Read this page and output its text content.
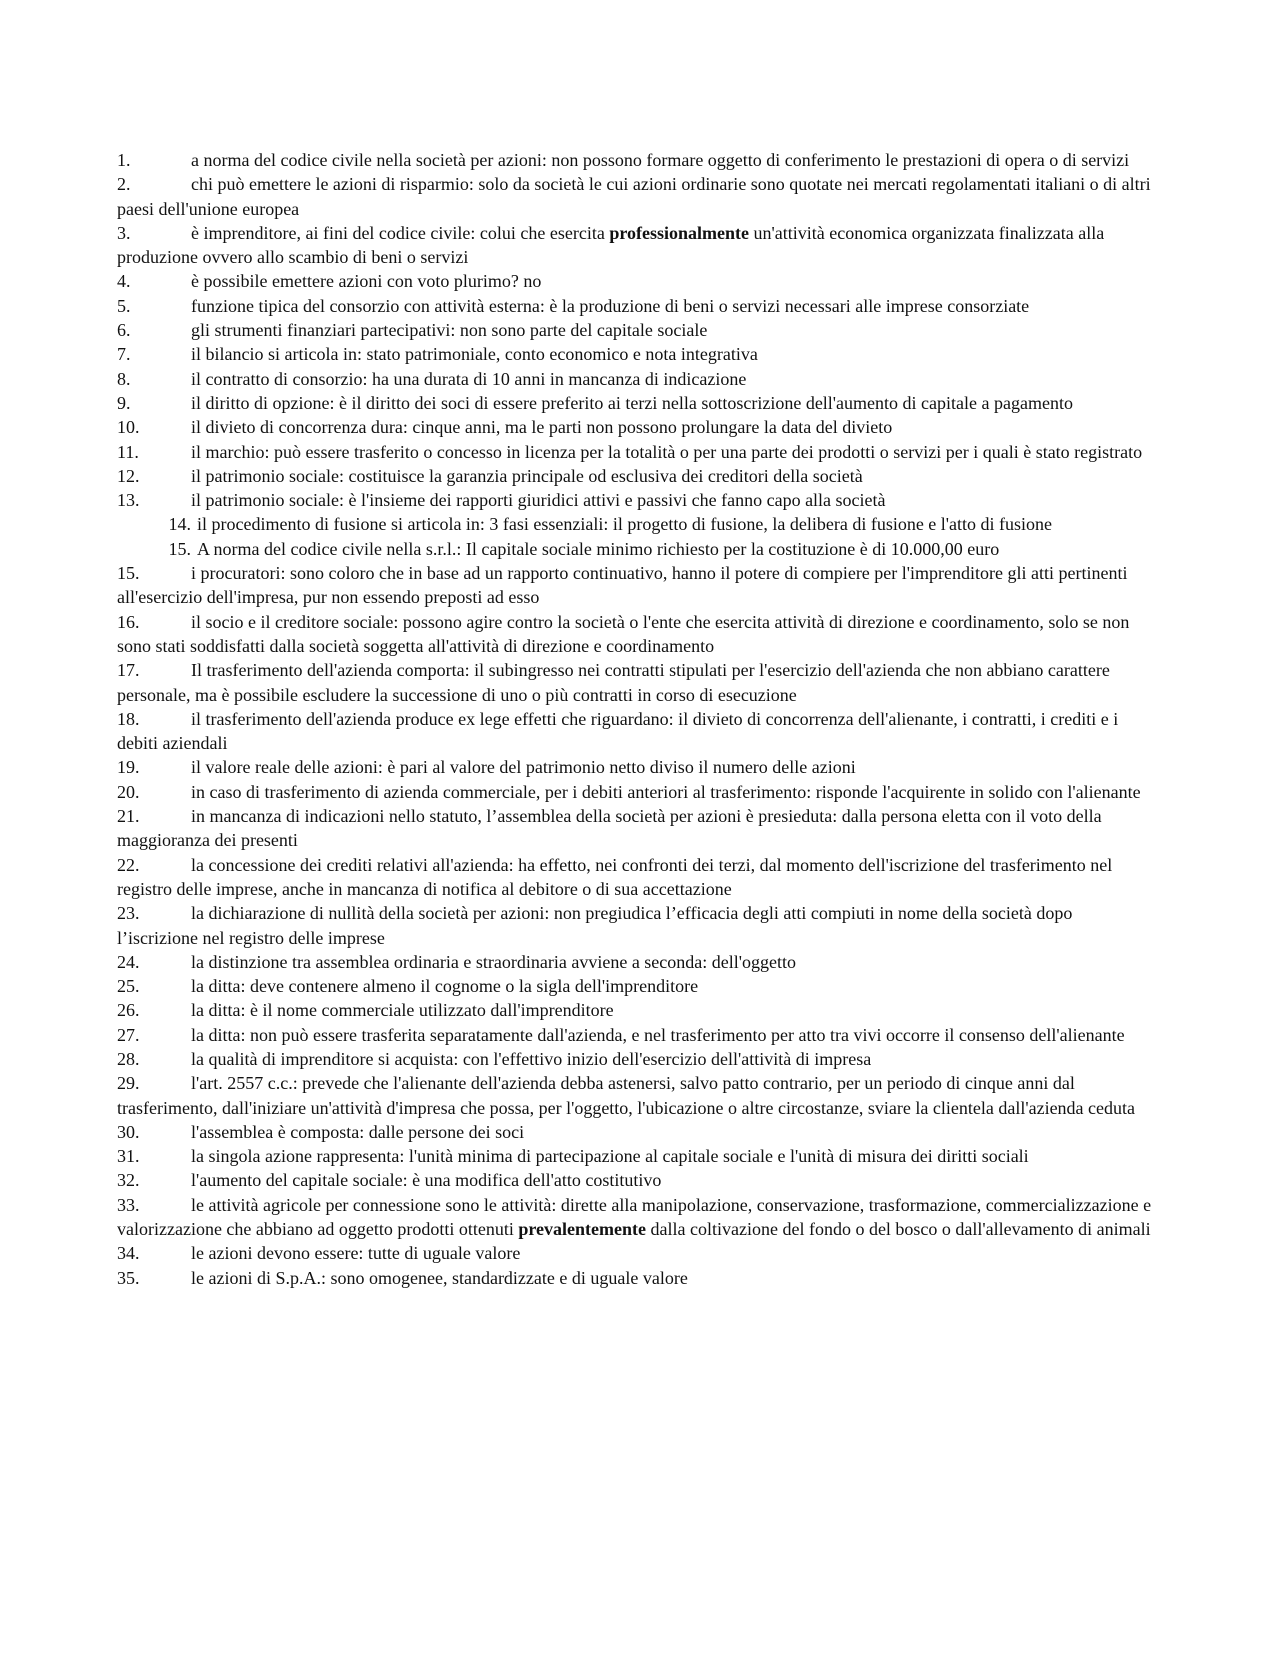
1.	a norma del codice civile nella società per azioni: non possono formare oggetto di conferimento le prestazioni di opera o di servizi
2.	chi può emettere le azioni di risparmio: solo da società le cui azioni ordinarie sono quotate nei mercati regolamentati italiani o di altri paesi dell'unione europea
3.	è imprenditore, ai fini del codice civile: colui che esercita professionalmente un'attività economica organizzata finalizzata alla produzione ovvero allo scambio di beni o servizi
4.	è possibile emettere azioni con voto plurimo? no
5.	funzione tipica del consorzio con attività esterna: è la produzione di beni o servizi necessari alle imprese consorziate
6.	gli strumenti finanziari partecipativi: non sono parte del capitale sociale
7.	il bilancio si articola in: stato patrimoniale, conto economico e nota integrativa
8.	il contratto di consorzio: ha una durata di 10 anni in mancanza di indicazione
9.	il diritto di opzione: è il diritto dei soci di essere preferito ai terzi nella sottoscrizione dell'aumento di capitale a pagamento
10.	il divieto di concorrenza dura: cinque anni, ma le parti non possono prolungare la data del divieto
11.	il marchio: può essere trasferito o concesso in licenza per la totalità o per una parte dei prodotti o servizi per i quali è stato registrato
12.	il patrimonio sociale: costituisce la garanzia principale od esclusiva dei creditori della società
13.	il patrimonio sociale: è l'insieme dei rapporti giuridici attivi e passivi che fanno capo alla società
14. il procedimento di fusione si articola in: 3 fasi essenziali: il progetto di fusione, la delibera di fusione e l'atto di fusione
15. A norma del codice civile nella s.r.l.: Il capitale sociale minimo richiesto per la costituzione è di 10.000,00 euro
15.	i procuratori: sono coloro che in base ad un rapporto continuativo, hanno il potere di compiere per l'imprenditore gli atti pertinenti all'esercizio dell'impresa, pur non essendo preposti ad esso
16.	il socio e il creditore sociale: possono agire contro la società o l'ente che esercita attività di direzione e coordinamento, solo se non sono stati soddisfatti dalla società soggetta all'attività di direzione e coordinamento
17.	Il trasferimento dell'azienda comporta: il subingresso nei contratti stipulati per l'esercizio dell'azienda che non abbiano carattere personale, ma è possibile escludere la successione di uno o più contratti in corso di esecuzione
18.	il trasferimento dell'azienda produce ex lege effetti che riguardano: il divieto di concorrenza dell'alienante, i contratti, i crediti e i debiti aziendali
19.	il valore reale delle azioni: è pari al valore del patrimonio netto diviso il numero delle azioni
20.	in caso di trasferimento di azienda commerciale, per i debiti anteriori al trasferimento: risponde l'acquirente in solido con l'alienante
21.	in mancanza di indicazioni nello statuto, l’assemblea della società per azioni è presieduta: dalla persona eletta con il voto della maggioranza dei presenti
22.	la concessione dei crediti relativi all'azienda: ha effetto, nei confronti dei terzi, dal momento dell'iscrizione del trasferimento nel registro delle imprese, anche in mancanza di notifica al debitore o di sua accettazione
23.	la dichiarazione di nullità della società per azioni: non pregiudica l’efficacia degli atti compiuti in nome della società dopo l’iscrizione nel registro delle imprese
24.	la distinzione tra assemblea ordinaria e straordinaria avviene a seconda: dell'oggetto
25.	la ditta: deve contenere almeno il cognome o la sigla dell'imprenditore
26.	la ditta: è il nome commerciale utilizzato dall'imprenditore
27.	la ditta: non può essere trasferita separatamente dall'azienda, e nel trasferimento per atto tra vivi occorre il consenso dell'alienante
28.	la qualità di imprenditore si acquista: con l'effettivo inizio dell'esercizio dell'attività di impresa
29.	l'art. 2557 c.c.: prevede che l'alienante dell'azienda debba astenersi, salvo patto contrario, per un periodo di cinque anni dal trasferimento, dall'iniziare un'attività d'impresa che possa, per l'oggetto, l'ubicazione o altre circostanze, sviare la clientela dall'azienda ceduta
30.	l'assemblea è composta: dalle persone dei soci
31.	la singola azione rappresenta: l'unità minima di partecipazione al capitale sociale e l'unità di misura dei diritti sociali
32.	l'aumento del capitale sociale: è una modifica dell'atto costitutivo
33.	le attività agricole per connessione sono le attività: dirette alla manipolazione, conservazione, trasformazione, commercializzazione e valorizzazione che abbiano ad oggetto prodotti ottenuti prevalentemente dalla coltivazione del fondo o del bosco o dall'allevamento di animali
34.	le azioni devono essere: tutte di uguale valore
35.	le azioni di S.p.A.: sono omogenee, standardizzate e di uguale valore
